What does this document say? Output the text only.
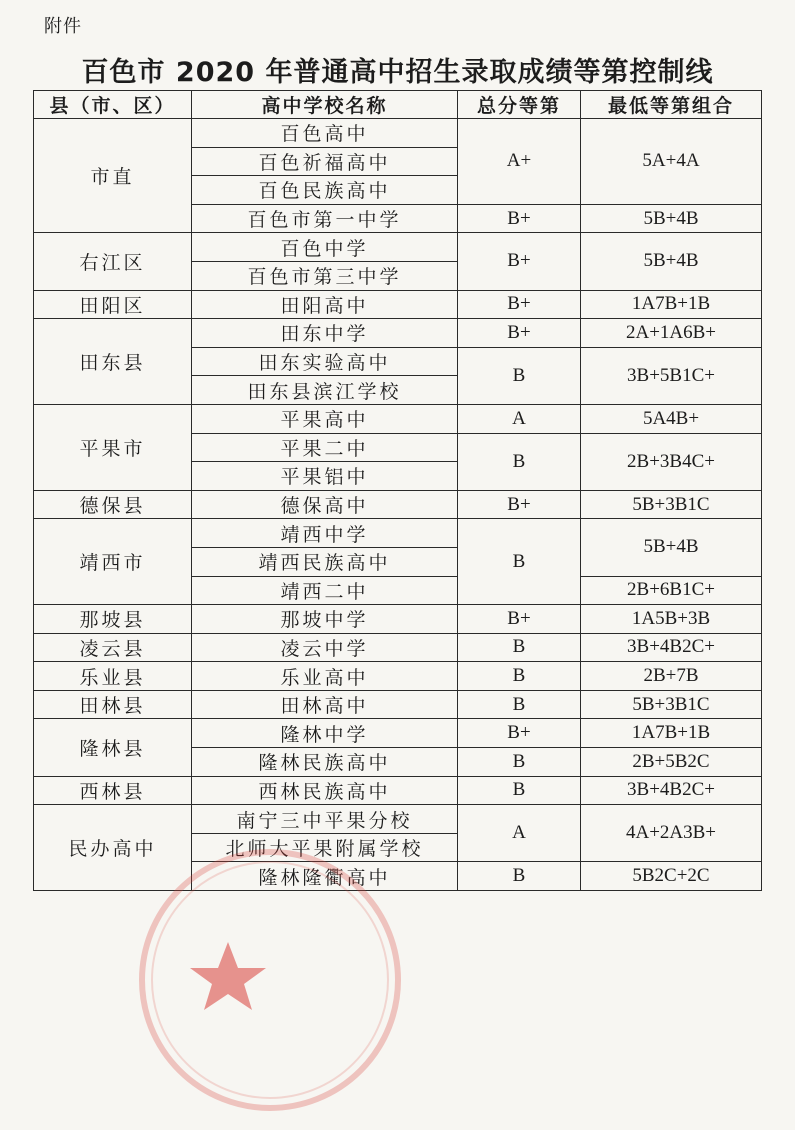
附件
百色市 2020 年普通高中招生录取成绩等第控制线
县（市、区）	高中学校名称	总分等第	最低等第组合
市直	百色高中	A+	5A+4A
	百色祈福高中		
	百色民族高中		
	百色市第一中学	B+	5B+4B
右江区	百色中学	B+	5B+4B
	百色市第三中学		
田阳区	田阳高中	B+	1A7B+1B
田东县	田东中学	B+	2A+1A6B+
	田东实验高中	B	3B+5B1C+
	田东县滨江学校		
平果市	平果高中	A	5A4B+
	平果二中	B	2B+3B4C+
	平果铝中		
德保县	德保高中	B+	5B+3B1C
靖西市	靖西中学	B	5B+4B
	靖西民族高中		
	靖西二中		2B+6B1C+
那坡县	那坡中学	B+	1A5B+3B
凌云县	凌云中学	B	3B+4B2C+
乐业县	乐业高中	B	2B+7B
田林县	田林高中	B	5B+3B1C
隆林县	隆林中学	B+	1A7B+1B
	隆林民族高中	B	2B+5B2C
西林县	西林民族高中	B	3B+4B2C+
民办高中	南宁三中平果分校	A	4A+2A3B+
	北师大平果附属学校		
	隆林隆衢高中	B	5B2C+2C
